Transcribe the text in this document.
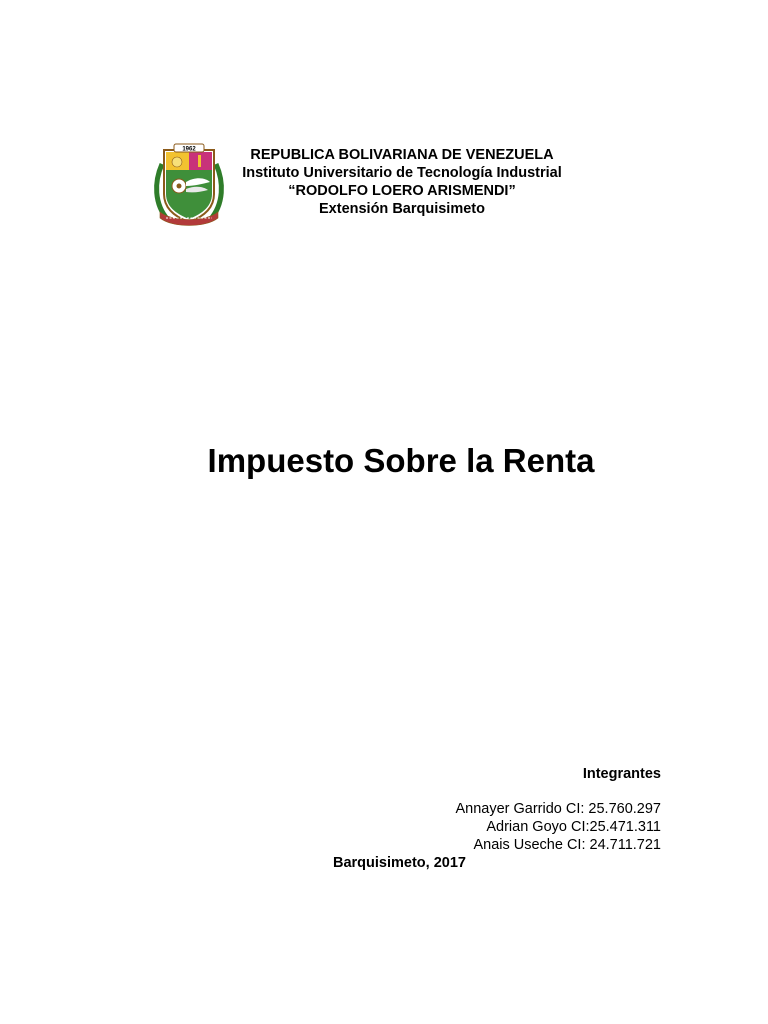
1962	REPUBLICA BOLIVARIANA DE VENEZUELA
Instituto Universitario de Tecnología Industrial
“RODOLFO LOERO ARISMENDI”
Extensión Barquisimeto
Impuesto Sobre la Renta
Integrantes
Annayer Garrido CI: 25.760.297
Adrian Goyo CI:25.471.311
Anais Useche CI: 24.711.721
Barquisimeto, 2017
